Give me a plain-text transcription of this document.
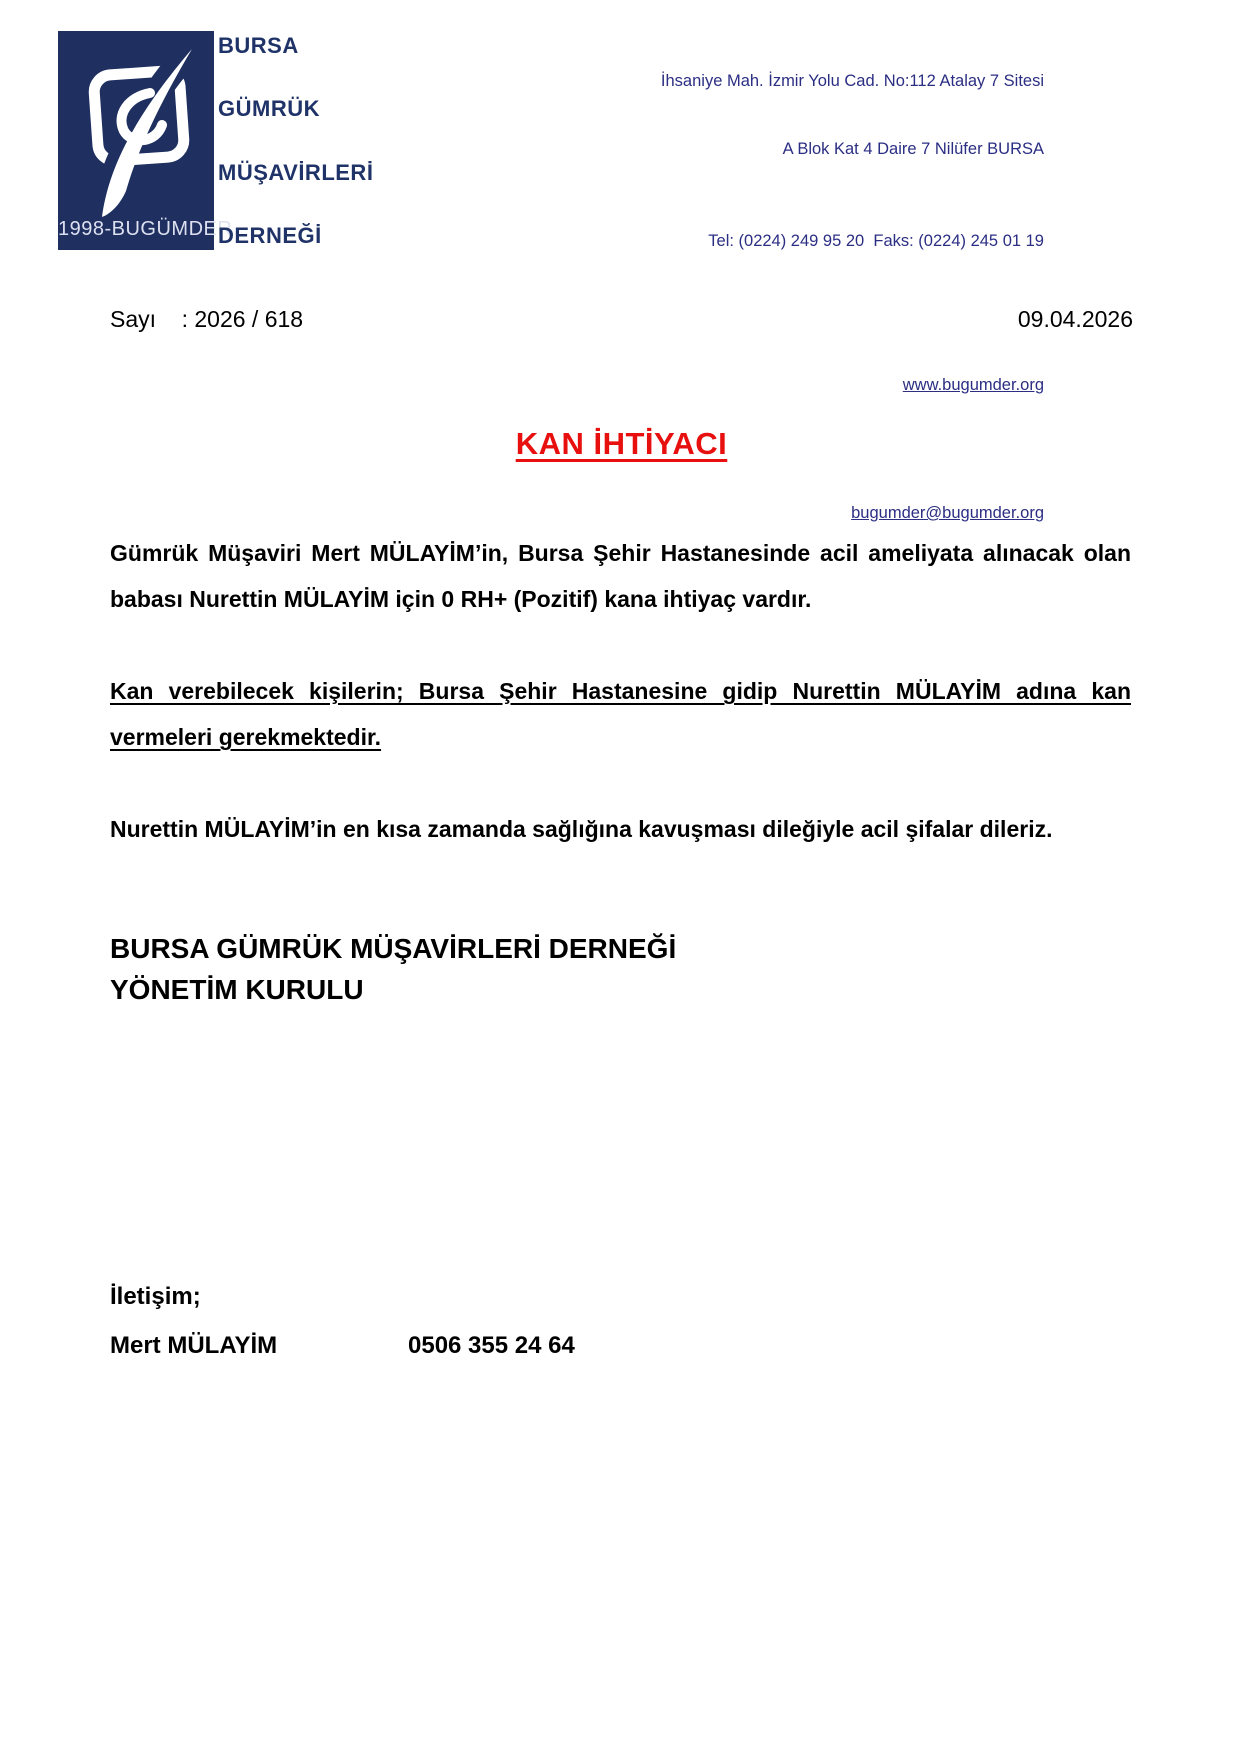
1998-BUGÜMDER
BURSA
GÜMRÜK
MÜŞAVİRLERİ
DERNEĞİ

İhsaniye Mah. İzmir Yolu Cad. No:112 Atalay 7 Sitesi

A Blok Kat 4 Daire 7 Nilüfer BURSA

Tel: (0224) 249 95 20  Faks: (0224) 245 01 19

www.bugumder.org

bugumder@bugumder.org

Sayı    : 2026 / 618	09.04.2026
KAN İHTİYACI

Gümrük Müşaviri Mert MÜLAYİM’in, Bursa Şehir Hastanesinde acil ameliyata alınacak olan babası Nurettin MÜLAYİM için 0 RH+ (Pozitif) kana ihtiyaç vardır.

Kan verebilecek kişilerin; Bursa Şehir Hastanesine gidip Nurettin MÜLAYİM adına kan vermeleri gerekmektedir.

Nurettin MÜLAYİM’in en kısa zamanda sağlığına kavuşması dileğiyle acil şifalar dileriz.

BURSA GÜMRÜK MÜŞAVİRLERİ DERNEĞİ
YÖNETİM KURULU
İletişim;
Mert MÜLAYİM	0506 355 24 64
